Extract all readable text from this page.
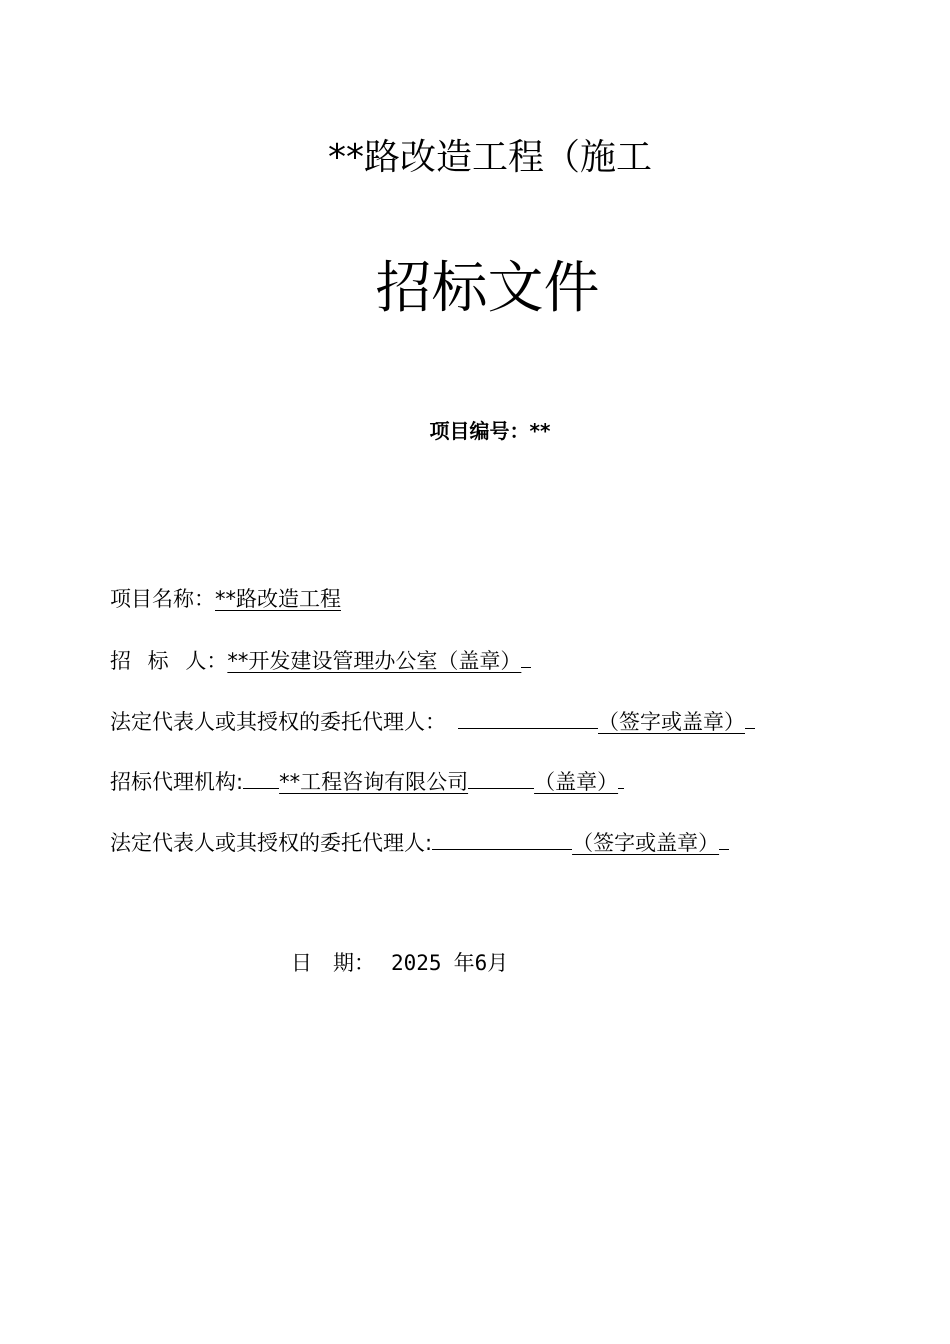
**路改造工程（施工
招标文件
项目编号：**
项目名称：**路改造工程
招 标 人：**开发建设管理办公室（盖章）
法定代表人或其授权的委托代理人：	（签字或盖章）
招标代理机构: **工程咨询有限公司	（盖章）
法定代表人或其授权的委托代理人:	（签字或盖章）
日　期： 2025 年6月
